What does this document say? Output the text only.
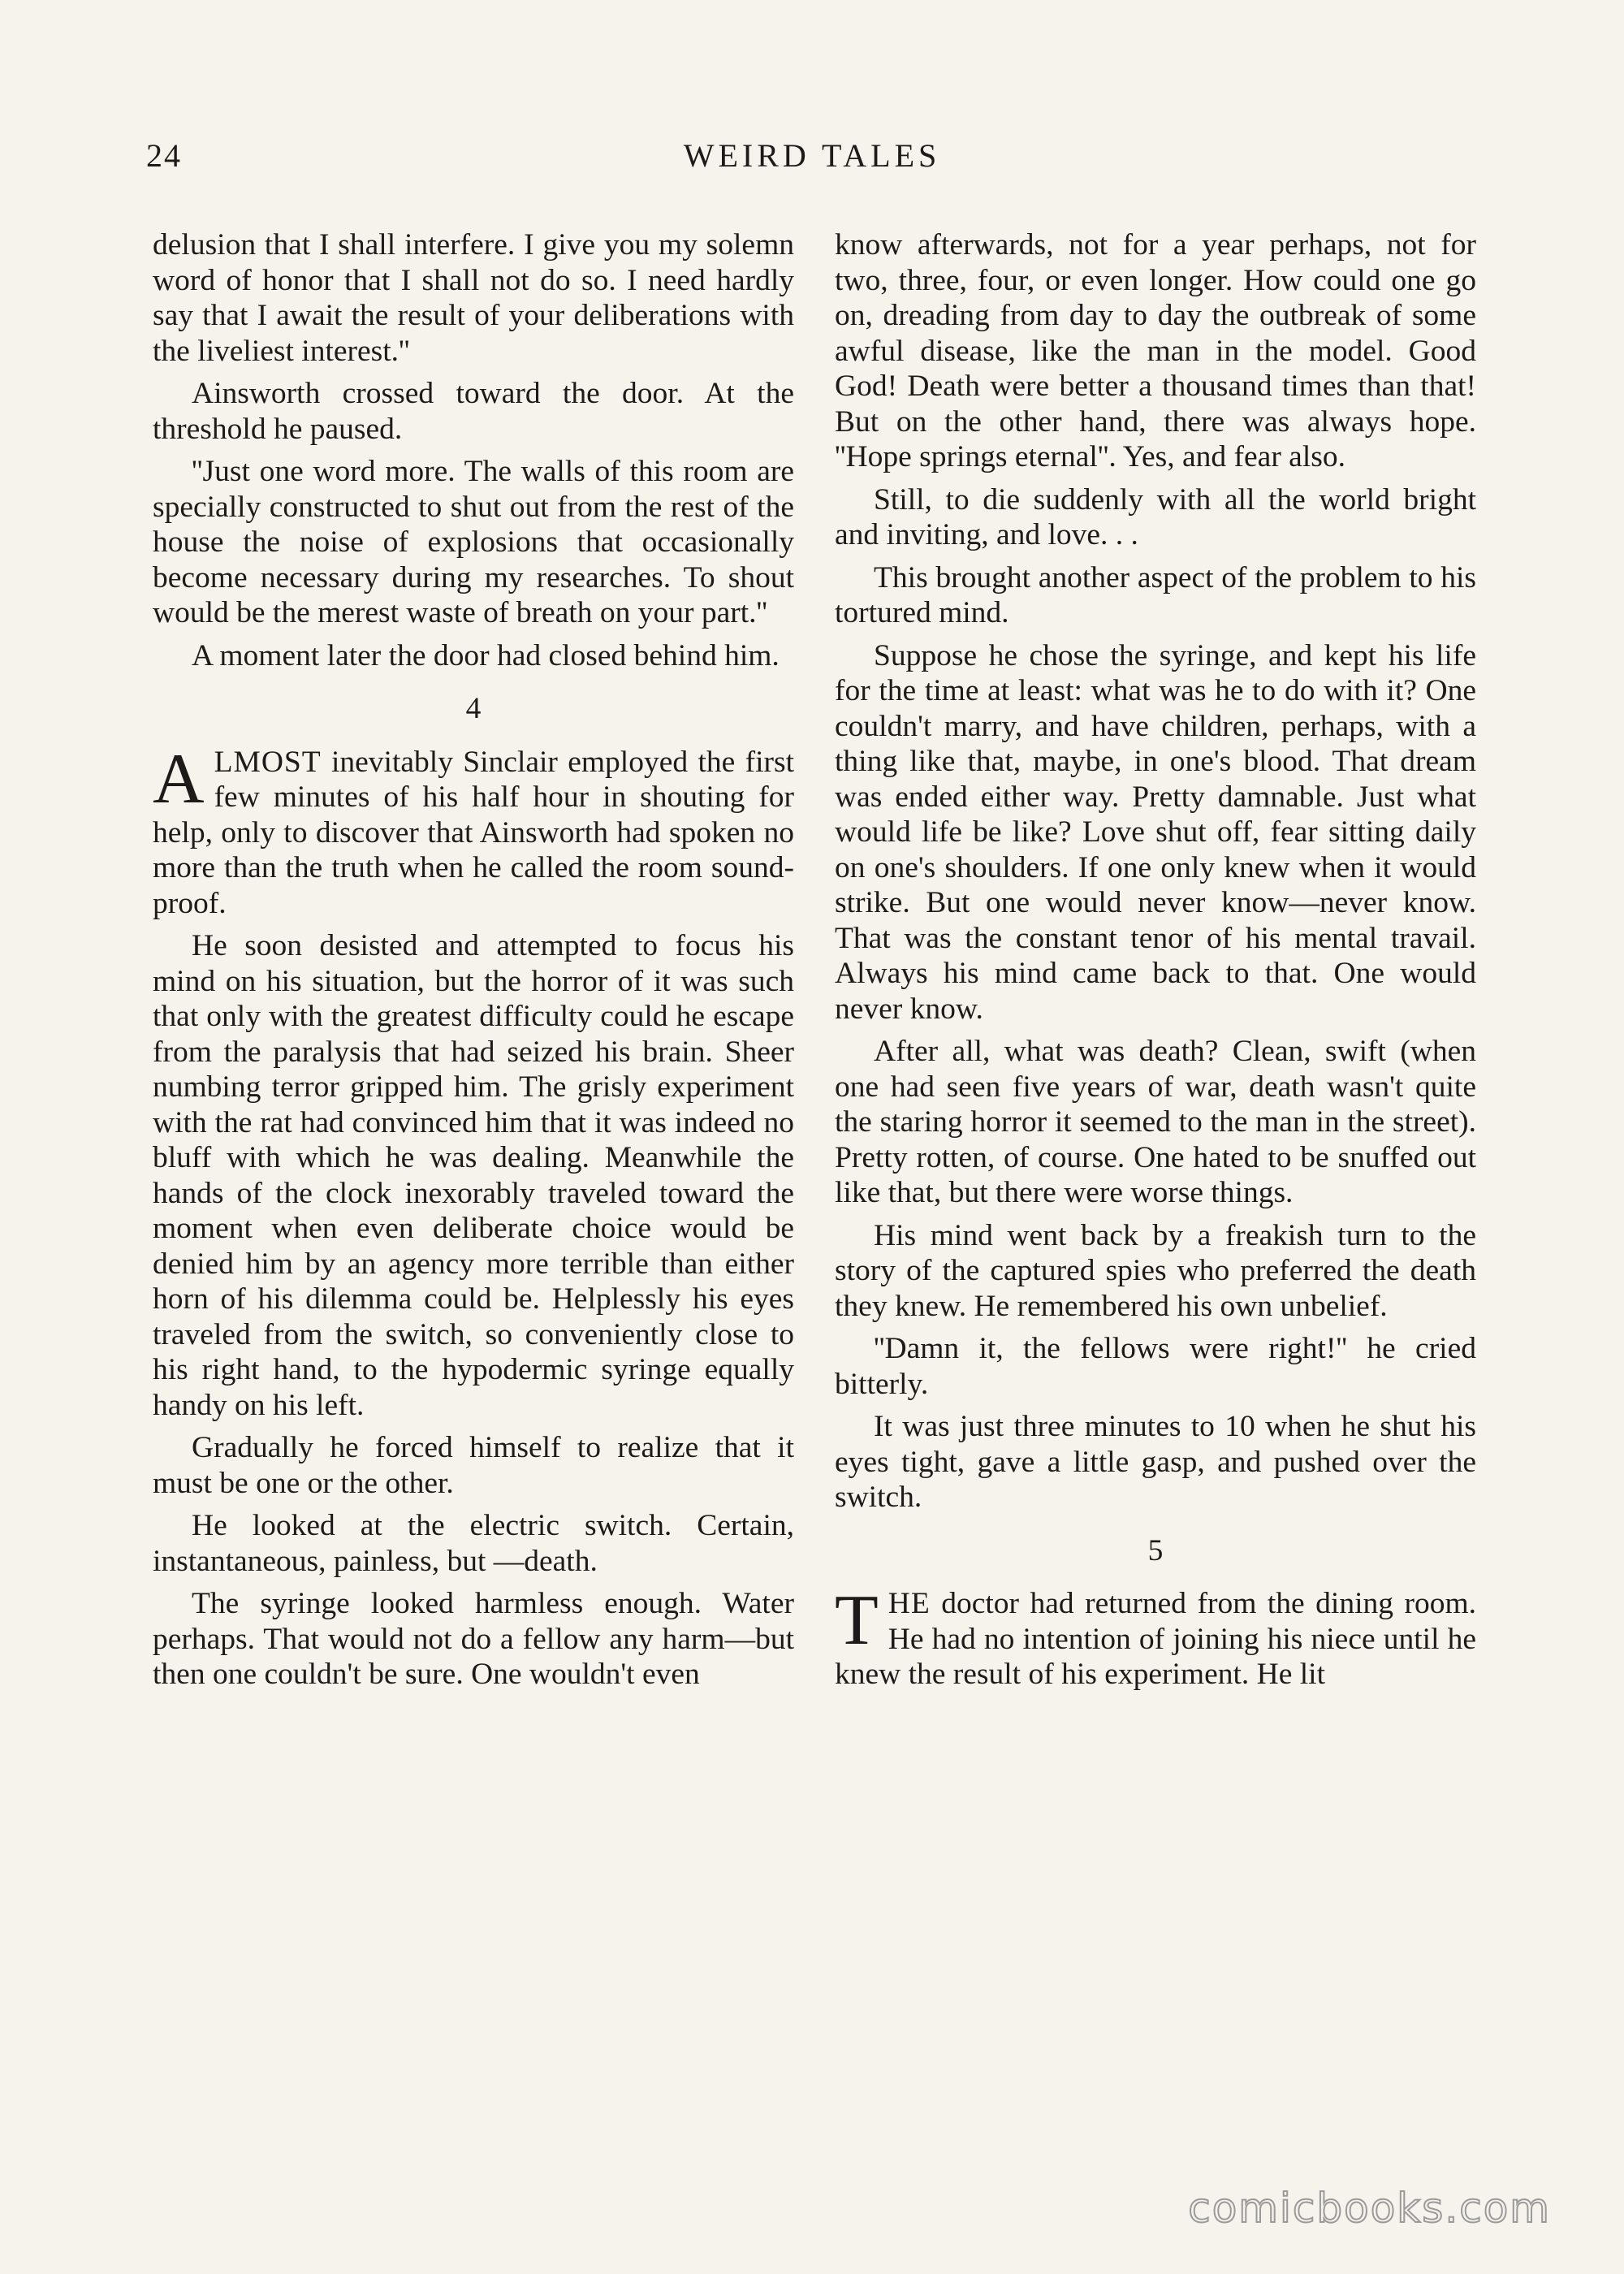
24	WEIRD TALES

delusion that I shall interfere. I give you my solemn word of honor that I shall not do so. I need hardly say that I await the result of your deliberations with the liveliest interest.''

Ainsworth crossed toward the door. At the threshold he paused.

''Just one word more. The walls of this room are specially constructed to shut out from the rest of the house the noise of explosions that occasionally become necessary during my researches. To shout would be the merest waste of breath on your part.''

A moment later the door had closed behind him.

4

ALMOST inevitably Sinclair employed the first few minutes of his half hour in shouting for help, only to discover that Ainsworth had spoken no more than the truth when he called the room sound-proof.

He soon desisted and attempted to focus his mind on his situation, but the horror of it was such that only with the greatest difficulty could he escape from the paralysis that had seized his brain. Sheer numbing terror gripped him. The grisly experiment with the rat had convinced him that it was indeed no bluff with which he was dealing. Meanwhile the hands of the clock inexorably traveled toward the moment when even deliberate choice would be denied him by an agency more terrible than either horn of his dilemma could be. Helplessly his eyes traveled from the switch, so conveniently close to his right hand, to the hypodermic syringe equally handy on his left.

Gradually he forced himself to realize that it must be one or the other.

He looked at the electric switch. Certain, instantaneous, painless, but —death.

The syringe looked harmless enough. Water perhaps. That would not do a fellow any harm—but then one couldn't be sure. One wouldn't even

know afterwards, not for a year perhaps, not for two, three, four, or even longer. How could one go on, dreading from day to day the outbreak of some awful disease, like the man in the model. Good God! Death were better a thousand times than that! But on the other hand, there was always hope. ''Hope springs eternal''. Yes, and fear also.

Still, to die suddenly with all the world bright and inviting, and love. . .

This brought another aspect of the problem to his tortured mind.

Suppose he chose the syringe, and kept his life for the time at least: what was he to do with it? One couldn't marry, and have children, perhaps, with a thing like that, maybe, in one's blood. That dream was ended either way. Pretty damnable. Just what would life be like? Love shut off, fear sitting daily on one's shoulders. If one only knew when it would strike. But one would never know—never know. That was the constant tenor of his mental travail. Always his mind came back to that. One would never know.

After all, what was death? Clean, swift (when one had seen five years of war, death wasn't quite the staring horror it seemed to the man in the street). Pretty rotten, of course. One hated to be snuffed out like that, but there were worse things.

His mind went back by a freakish turn to the story of the captured spies who preferred the death they knew. He remembered his own unbelief.

''Damn it, the fellows were right!'' he cried bitterly.

It was just three minutes to 10 when he shut his eyes tight, gave a little gasp, and pushed over the switch.

5

THE doctor had returned from the dining room. He had no intention of joining his niece until he knew the result of his experiment. He lit

comicbooks.com
